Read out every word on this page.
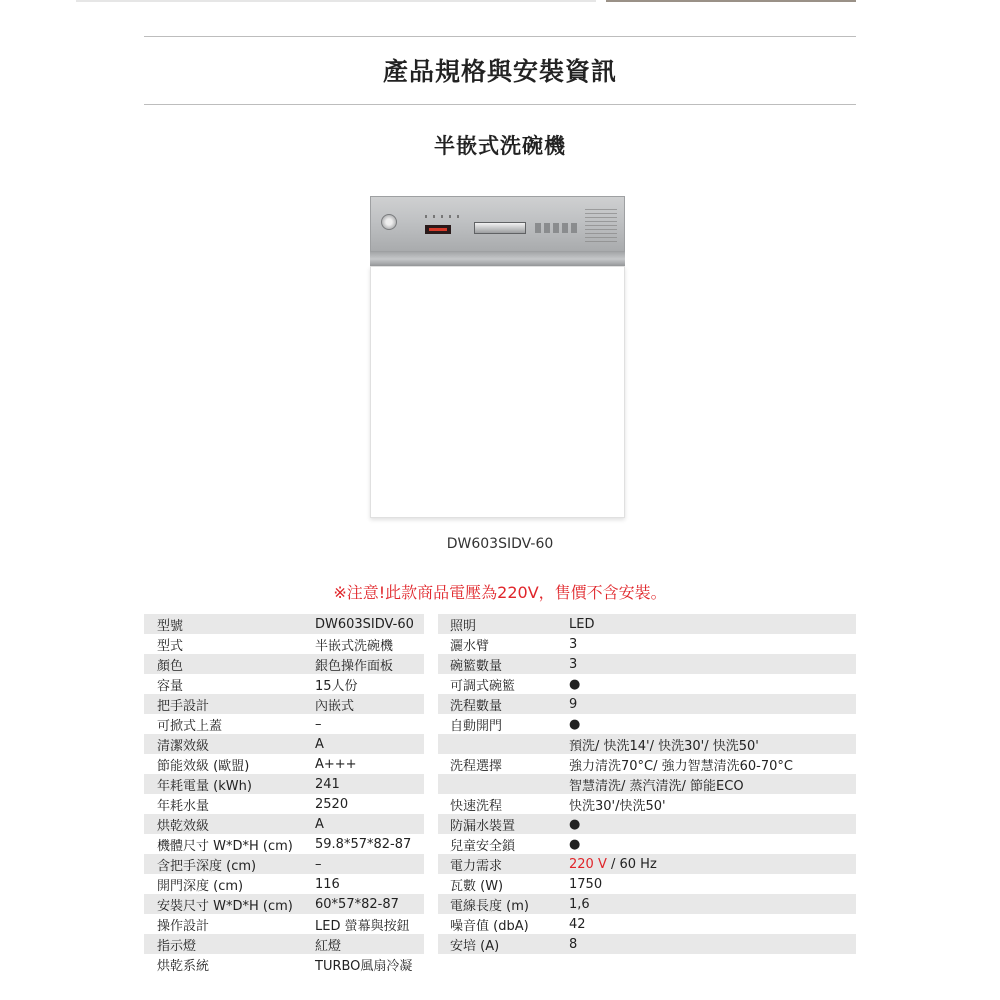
產品規格與安裝資訊
半嵌式洗碗機
DW603SIDV-60
※注意!此款商品電壓為220V，售價不含安裝。
型號	DW603SIDV-60
型式	半嵌式洗碗機
顏色	銀色操作面板
容量	15人份
把手設計	內嵌式
可掀式上蓋	–
清潔效級	A
節能效級 (歐盟)	A+++
年耗電量 (kWh)	241
年耗水量	2520
烘乾效級	A
機體尺寸 W*D*H (cm)	59.8*57*82-87
含把手深度 (cm)	–
開門深度 (cm)	116
安裝尺寸 W*D*H (cm)	60*57*82-87
操作設計	LED 螢幕與按鈕
指示燈	紅燈
烘乾系統	TURBO風扇冷凝
照明	LED
灑水臂	3
碗籃數量	3
可調式碗籃	●
洗程數量	9
自動開門	●
預洗/ 快洗14'/ 快洗30'/ 快洗50'
洗程選擇	強力清洗70°C/ 強力智慧清洗60-70°C
智慧清洗/ 蒸汽清洗/ 節能ECO
快速洗程	快洗30'/快洗50'
防漏水裝置	●
兒童安全鎖	●
電力需求	220 V / 60 Hz
瓦數 (W)	1750
電線長度 (m)	1,6
噪音值 (dbA)	42
安培 (A)	8
